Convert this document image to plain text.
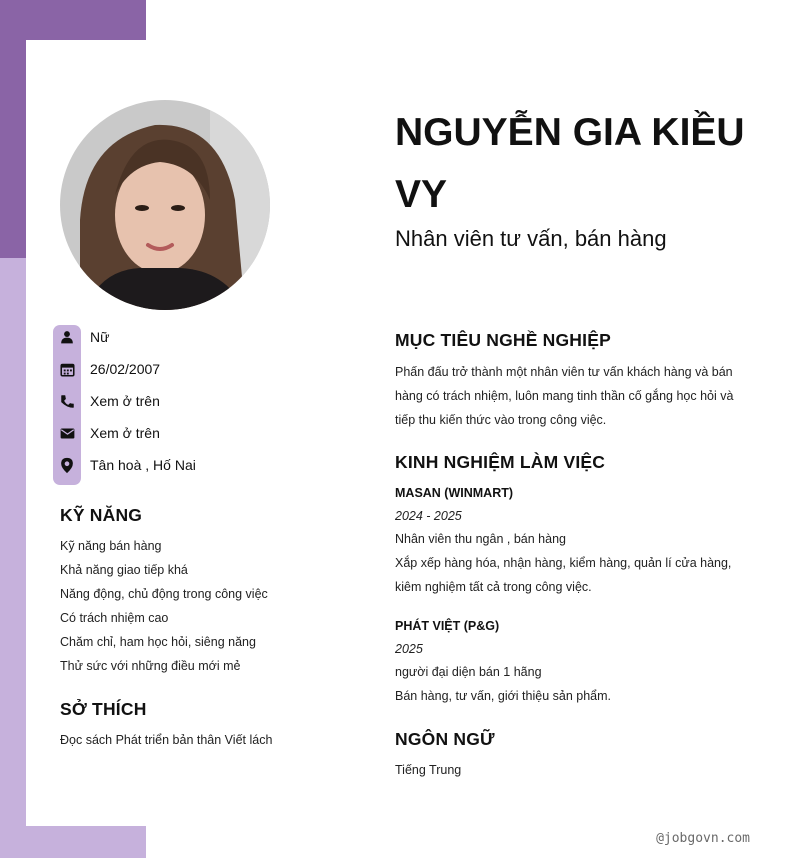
Nữ
26/02/2007
Xem ở trên
Xem ở trên
Tân hoà , Hố Nai
KỸ NĂNG
Kỹ năng bán hàng
Khả năng giao tiếp khá
Năng động, chủ động trong công việc
Có trách nhiệm cao
Chăm chỉ, ham học hỏi, siêng năng
Thử sức với những điều mới mẻ
SỞ THÍCH
Đọc sách Phát triển bản thân Viết lách
NGUYỄN GIA KIỀU VY
Nhân viên tư vấn, bán hàng
MỤC TIÊU NGHỀ NGHIỆP
Phấn đấu trở thành một nhân viên tư vấn khách hàng và bán hàng có trách nhiệm, luôn mang tinh thần cố gắng học hỏi và tiếp thu kiến thức vào trong công việc.
KINH NGHIỆM LÀM VIỆC
MASAN (WINMART)
2024 - 2025
Nhân viên thu ngân , bán hàng
Xắp xếp hàng hóa, nhận hàng, kiểm hàng, quản lí cửa hàng,
kiêm nghiệm tất cả trong công việc.
PHÁT VIỆT (P&G)
2025
người đại diện bán 1 hãng
Bán hàng, tư vấn, giới thiệu sản phẩm.
NGÔN NGỮ
Tiếng Trung
@jobgovn.com
